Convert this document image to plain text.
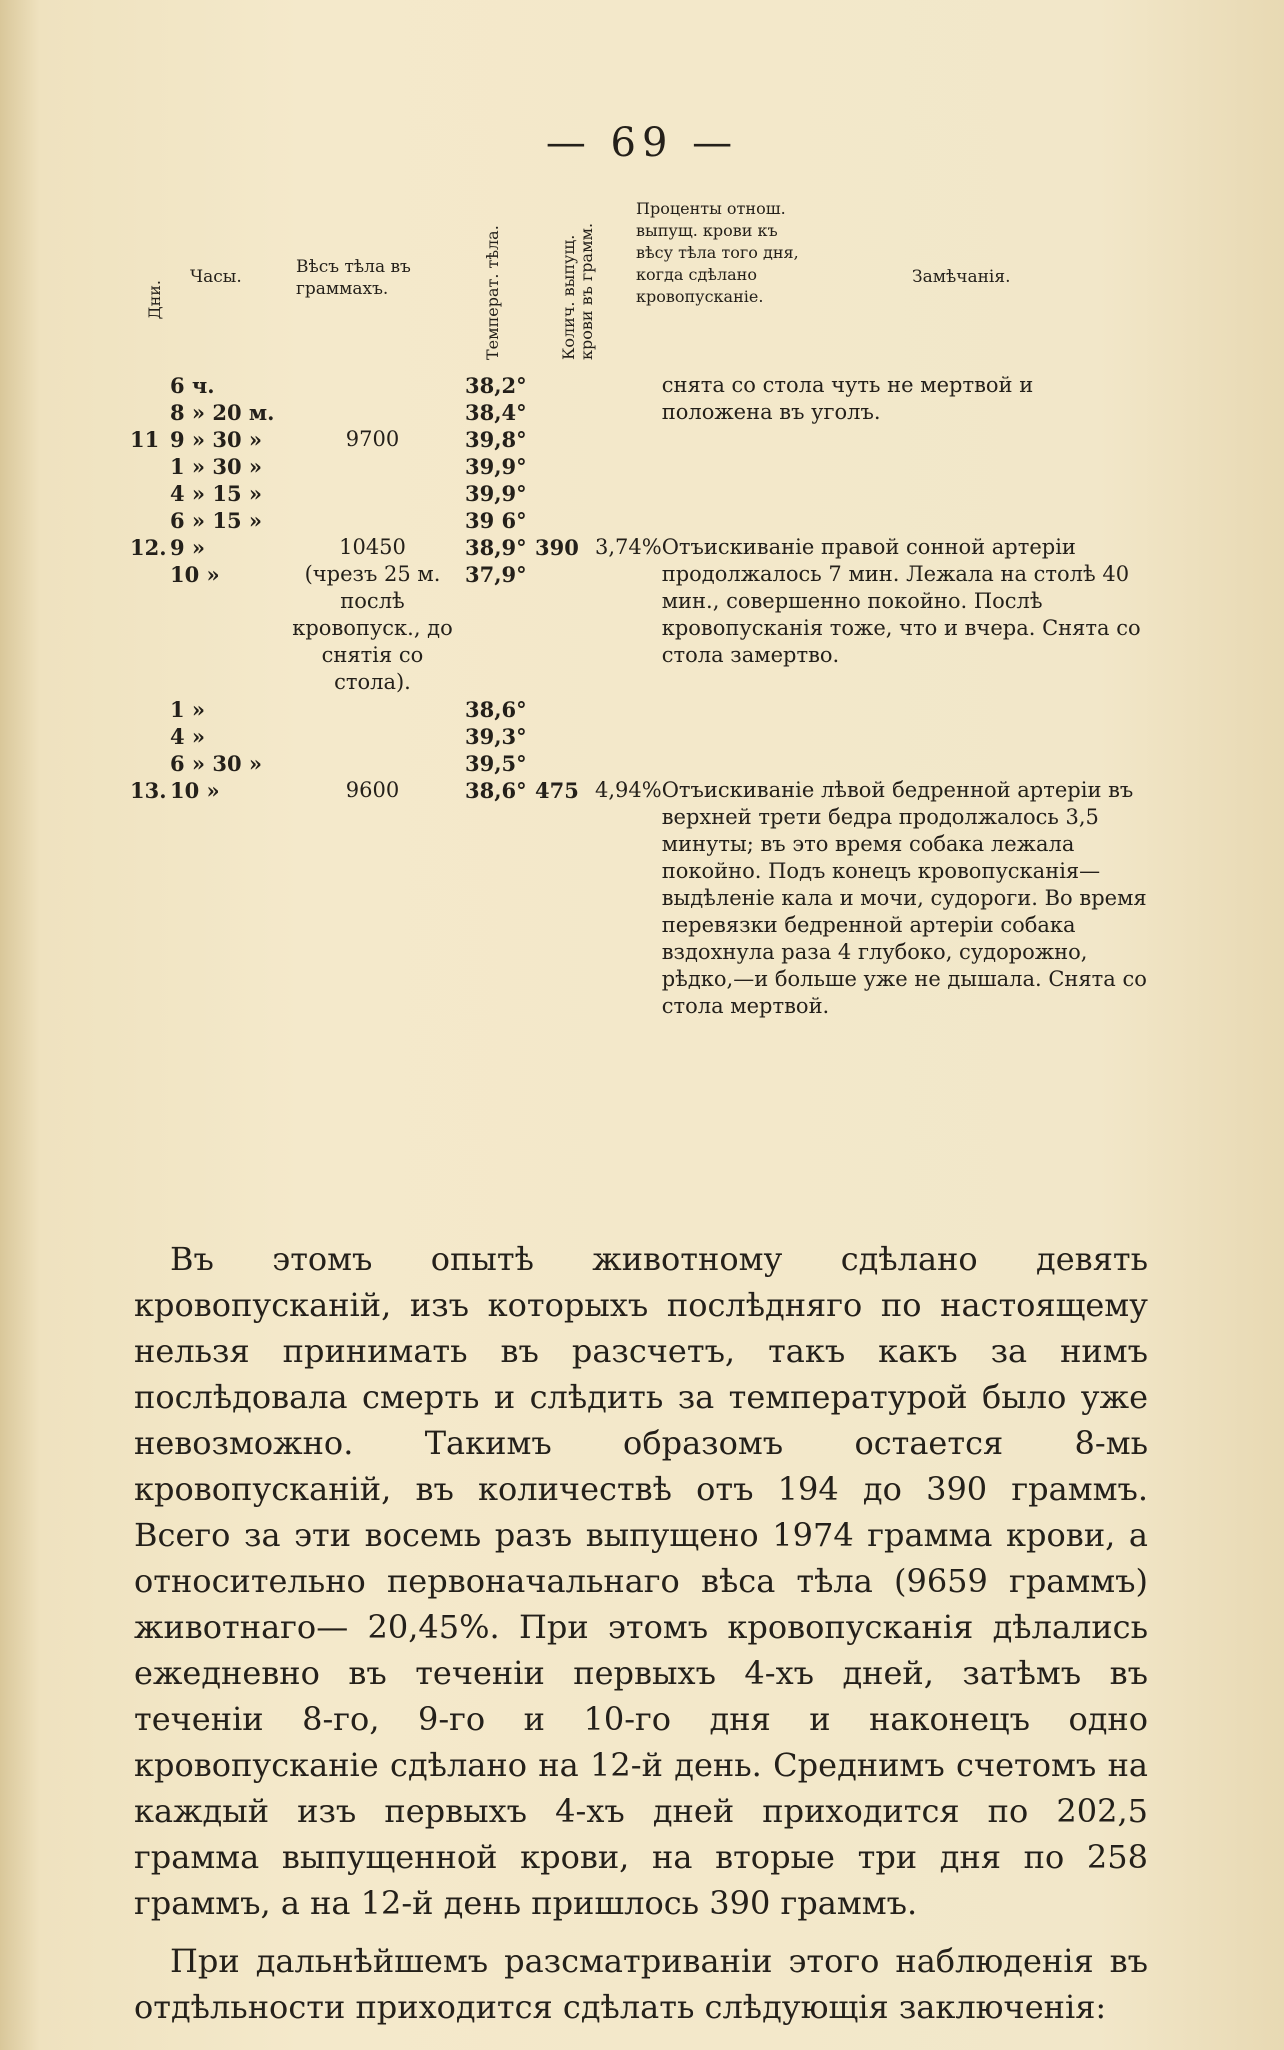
— 69 —
Дни.
Часы.	Вѣсъ тѣла въ граммахъ.	Температ. тѣла.	Колич. выпущ. крови въ грамм.
Проценты отнош. выпущ. крови къ вѣсу тѣла того дня, когда сдѣлано кровопусканіе.
Замѣчанія.
	6 ч.		38,2°			снята со стола чуть не мертвой и положена въ уголъ.
	8 » 20 м.		38,4°			
11	9 » 30 »	9700	39,8°			
	1 » 30 »		39,9°			
	4 » 15 »		39,9°			
	6 » 15 »		39 6°			
12.	9 »	10450	38,9°	390	3,74%	Отъискиваніе правой сонной артеріи продолжалось 7 мин. Лежала на столѣ 40 мин., совершенно покойно. Послѣ кровопусканія тоже, что и вчера. Снята со стола замертво.
	10 »	(чрезъ 25 м. послѣ кровопуск., до снятія со стола).	37,9°			
	1 »		38,6°			
	4 »		39,3°			
	6 » 30 »		39,5°			
13.	10 »	9600	38,6°	475	4,94%	Отъискиваніе лѣвой бедренной артеріи въ верхней трети бедра продолжалось 3,5 минуты; въ это время собака лежала покойно. Подъ конецъ кровопусканія—выдѣленіе кала и мочи, судороги. Во время перевязки бедренной артеріи собака вздохнула раза 4 глубоко, судорожно, рѣдко,—и больше уже не дышала. Снята со стола мертвой.

Въ этомъ опытѣ животному сдѣлано девять кровопусканій, изъ которыхъ послѣдняго по настоящему нельзя принимать въ разсчетъ, такъ какъ за нимъ послѣдовала смерть и слѣдить за температурой было уже невозможно. Такимъ образомъ остается 8-мь кровопусканій, въ количествѣ отъ 194 до 390 граммъ. Всего за эти восемь разъ выпущено 1974 грамма крови, а относительно первоначальнаго вѣса тѣла (9659 граммъ) животнаго— 20,45%. При этомъ кровопусканія дѣлались ежедневно въ теченіи первыхъ 4-хъ дней, затѣмъ въ теченіи 8-го, 9-го и 10-го дня и наконецъ одно кровопусканіе сдѣлано на 12-й день. Среднимъ счетомъ на каждый изъ первыхъ 4-хъ дней приходится по 202,5 грамма выпущенной крови, на вторые три дня по 258 граммъ, а на 12-й день пришлось 390 граммъ.

При дальнѣйшемъ разсматриваніи этого наблюденія въ отдѣльности приходится сдѣлать слѣдующія заключенія:
